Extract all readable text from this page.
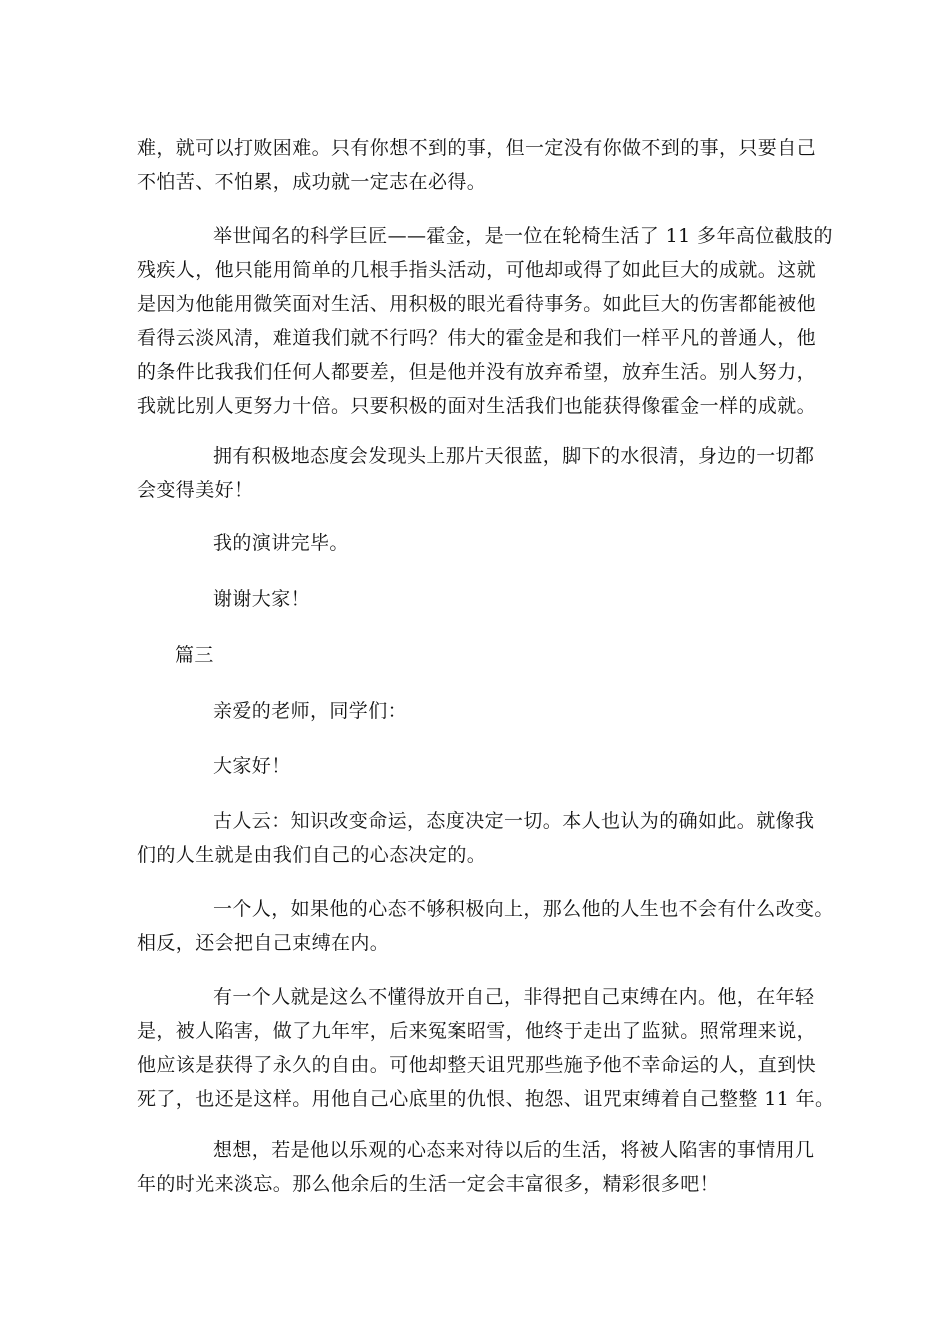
难，就可以打败困难。只有你想不到的事，但一定没有你做不到的事，只要自己
不怕苦、不怕累，成功就一定志在必得。
举世闻名的科学巨匠——霍金，是一位在轮椅生活了 11 多年高位截肢的
残疾人，他只能用简单的几根手指头活动，可他却或得了如此巨大的成就。这就
是因为他能用微笑面对生活、用积极的眼光看待事务。如此巨大的伤害都能被他
看得云淡风清，难道我们就不行吗？伟大的霍金是和我们一样平凡的普通人，他
的条件比我我们任何人都要差，但是他并没有放弃希望，放弃生活。别人努力，
我就比别人更努力十倍。只要积极的面对生活我们也能获得像霍金一样的成就。
拥有积极地态度会发现头上那片天很蓝，脚下的水很清，身边的一切都
会变得美好！
我的演讲完毕。
谢谢大家！
篇三
亲爱的老师，同学们：
大家好！
古人云：知识改变命运，态度决定一切。本人也认为的确如此。就像我
们的人生就是由我们自己的心态决定的。
一个人，如果他的心态不够积极向上，那么他的人生也不会有什么改变。
相反，还会把自己束缚在内。
有一个人就是这么不懂得放开自己，非得把自己束缚在内。他，在年轻
是，被人陷害，做了九年牢，后来冤案昭雪，他终于走出了监狱。照常理来说，
他应该是获得了永久的自由。可他却整天诅咒那些施予他不幸命运的人，直到快
死了，也还是这样。用他自己心底里的仇恨、抱怨、诅咒束缚着自己整整 11 年。
想想，若是他以乐观的心态来对待以后的生活，将被人陷害的事情用几
年的时光来淡忘。那么他余后的生活一定会丰富很多，精彩很多吧！
